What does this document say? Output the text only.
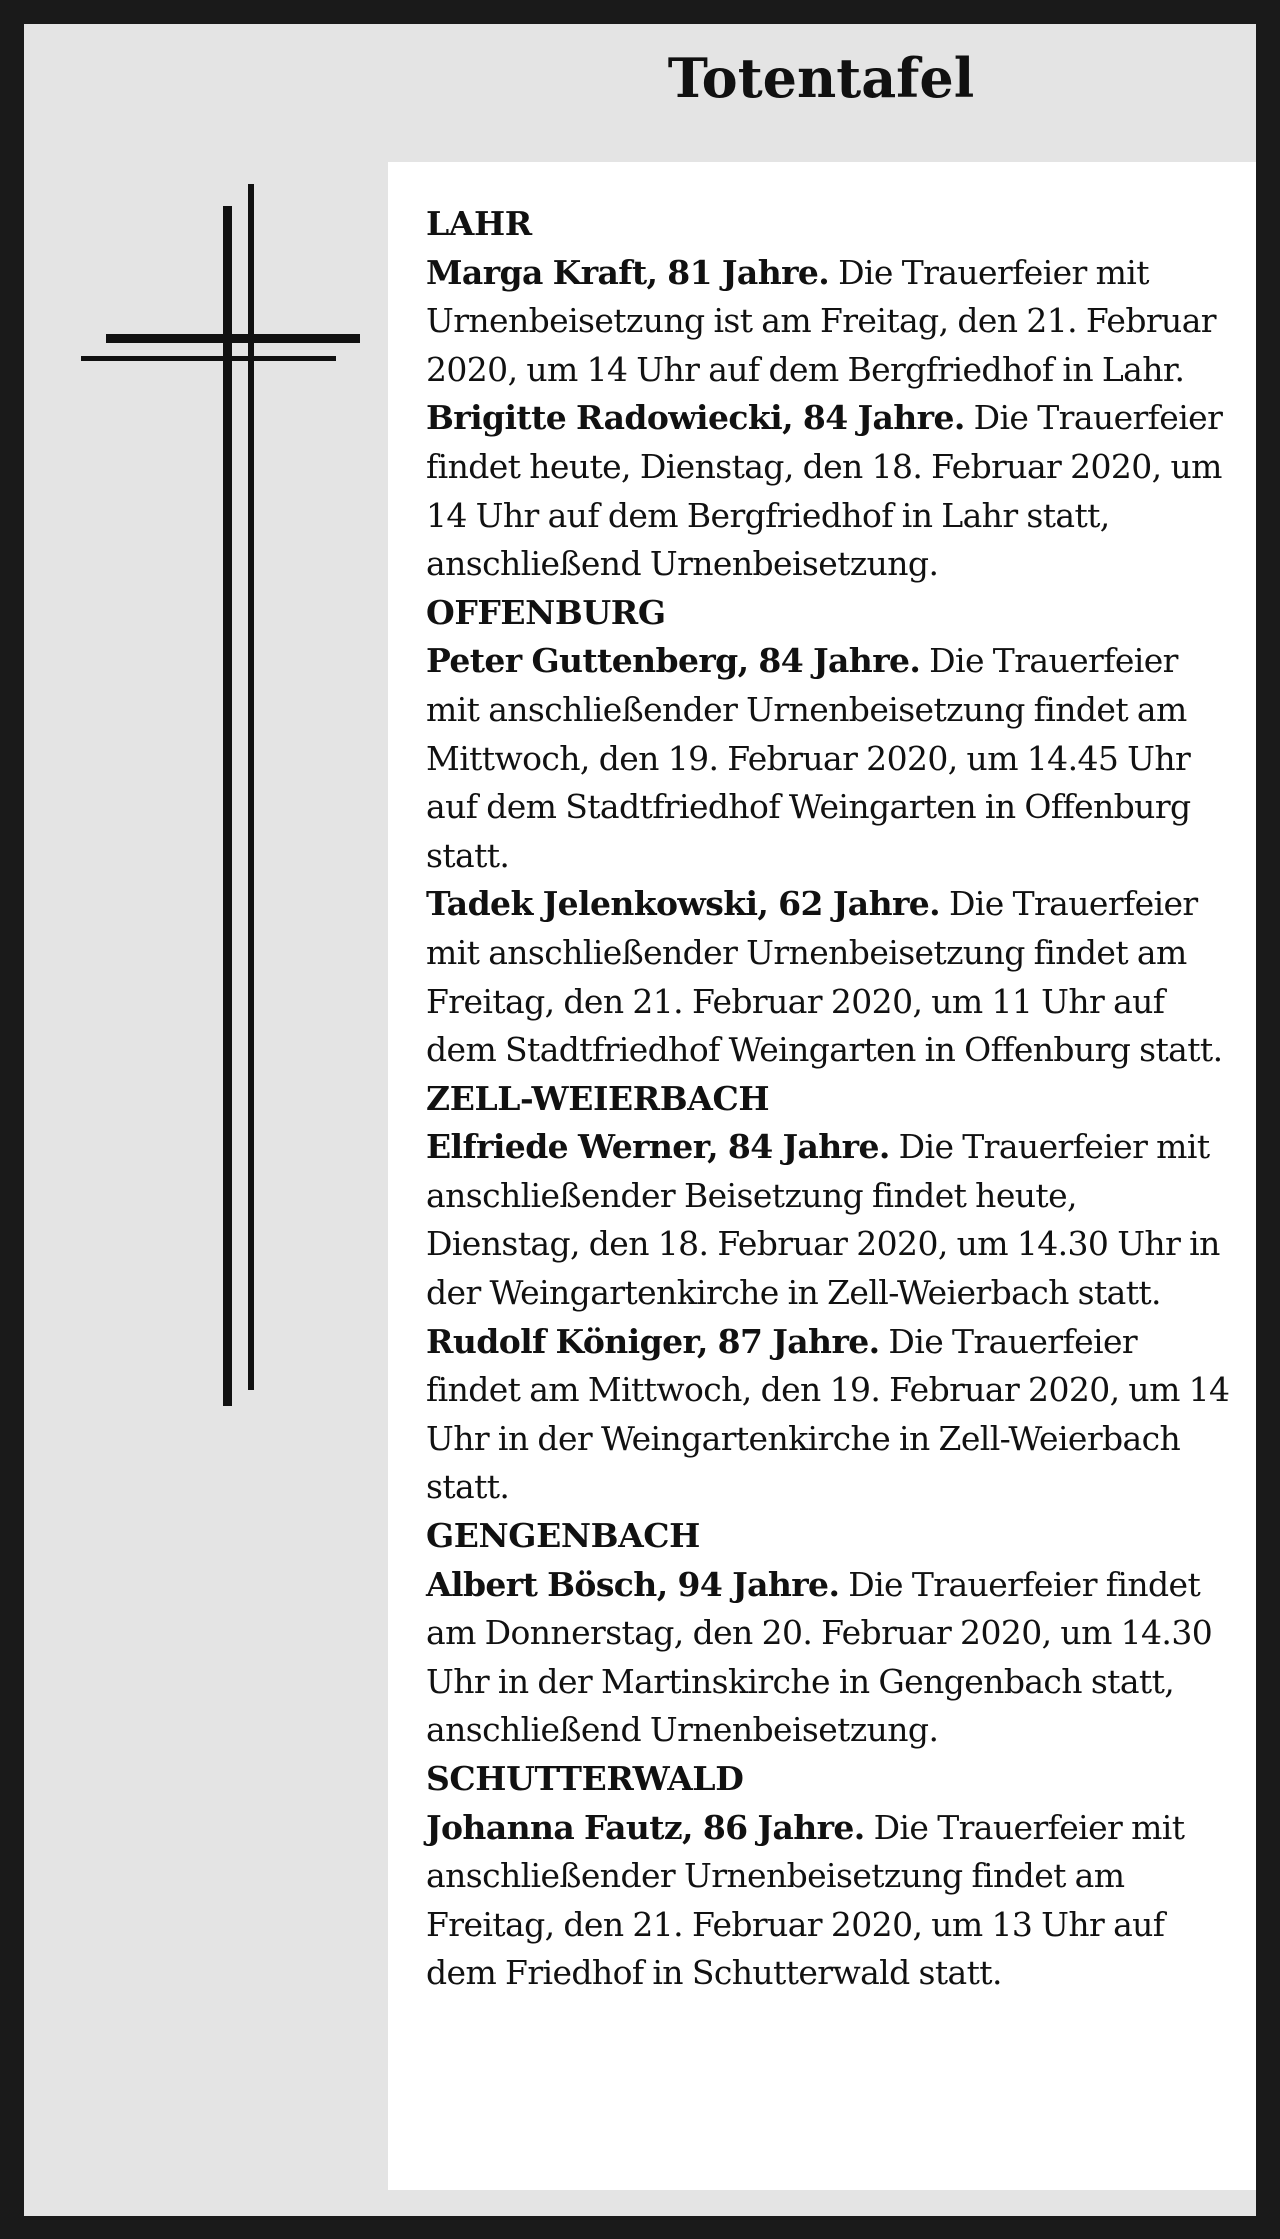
Totentafel

LAHR

Marga Kraft, 81 Jahre. Die Trauerfeier mit Urnenbeisetzung ist am Freitag, den 21. Februar 2020, um 14 Uhr auf dem Bergfriedhof in Lahr.

Brigitte Radowiecki, 84 Jahre. Die Trauerfeier findet heute, Dienstag, den 18. Februar 2020, um 14 Uhr auf dem Bergfriedhof in Lahr statt, anschließend Urnenbeisetzung.

OFFENBURG

Peter Guttenberg, 84 Jahre. Die Trauerfeier mit anschließender Urnenbeisetzung findet am Mittwoch, den 19. Februar 2020, um 14.45 Uhr auf dem Stadtfriedhof Weingarten in Offenburg statt.

Tadek Jelenkowski, 62 Jahre. Die Trauerfeier mit anschließender Urnenbeisetzung findet am Freitag, den 21. Februar 2020, um 11 Uhr auf dem Stadtfriedhof Weingarten in Offenburg statt.

ZELL-WEIERBACH

Elfriede Werner, 84 Jahre. Die Trauerfeier mit anschließender Beisetzung findet heute, Dienstag, den 18. Februar 2020, um 14.30 Uhr in der Weingartenkirche in Zell-Weierbach statt.

Rudolf Königer, 87 Jahre. Die Trauerfeier findet am Mittwoch, den 19. Februar 2020, um 14 Uhr in der Weingartenkirche in Zell-Weierbach statt.

GENGENBACH

Albert Bösch, 94 Jahre. Die Trauerfeier findet am Donnerstag, den 20. Februar 2020, um 14.30 Uhr in der Martinskirche in Gengenbach statt, anschließend Urnenbeisetzung.

SCHUTTERWALD

Johanna Fautz, 86 Jahre. Die Trauerfeier mit anschließender Urnenbeisetzung findet am Freitag, den 21. Februar 2020, um 13 Uhr auf dem Friedhof in Schutterwald statt.
